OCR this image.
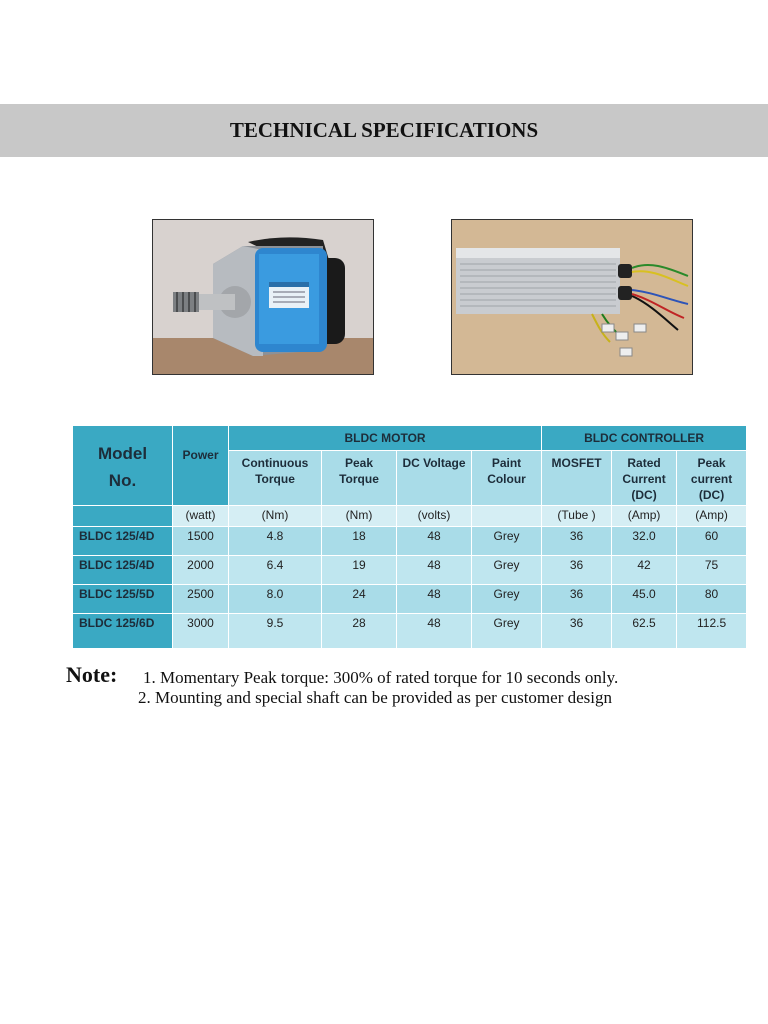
TECHNICAL SPECIFICATIONS
Model
No.	Power	BLDC MOTOR				BLDC CONTROLLER		
		Continuous Torque	Peak Torque	DC Voltage	Paint Colour	MOSFET	Rated Current (DC)	Peak current (DC)
	(watt)	(Nm)	(Nm)	(volts)		(Tube )	(Amp)	(Amp)
BLDC 125/4D	1500	4.8	18	48	Grey	36	32.0	60
BLDC 125/4D	2000	6.4	19	48	Grey	36	42	75
BLDC 125/5D	2500	8.0	24	48	Grey	36	45.0	80
BLDC 125/6D	3000	9.5	28	48	Grey	36	62.5	112.5
Note: 1. Momentary Peak torque: 300% of rated torque for 10 seconds only.
2. Mounting and special shaft can be provided as per customer design
